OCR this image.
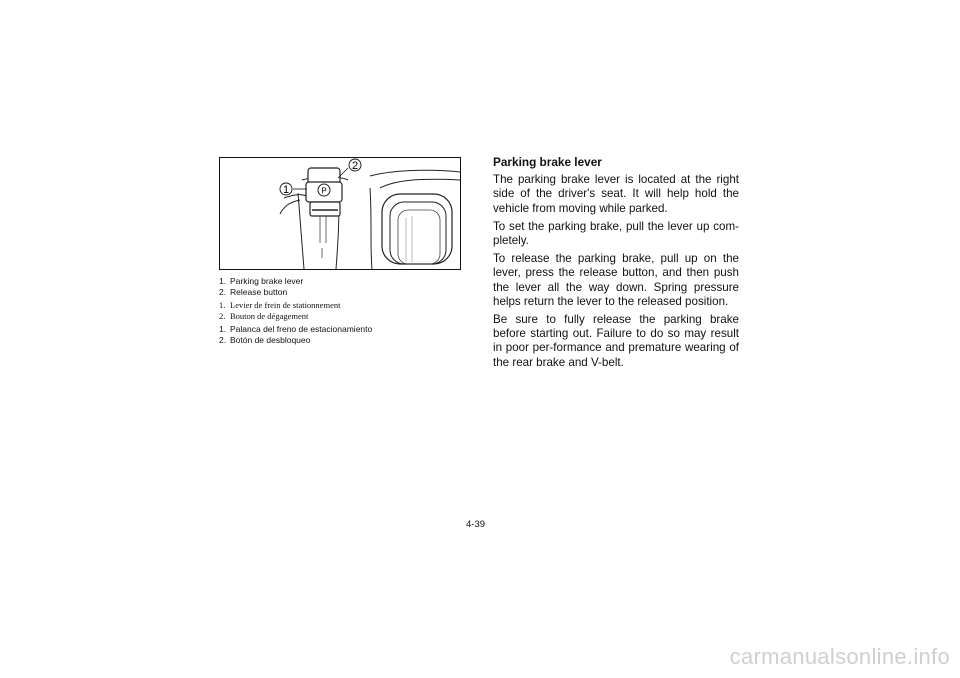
P
1
2
1. Parking brake lever
2. Release button
1. Levier de frein de stationnement
2. Bouton de dégagement
1. Palanca del freno de estacionamiento
2. Botón de desbloqueo

Parking brake lever

The parking brake lever is located at the right side of the driver's seat. It will help hold the vehicle from moving while parked.

To set the parking brake, pull the lever up com-pletely.

To release the parking brake, pull up on the lever, press the release button, and then push the lever all the way down. Spring pressure helps return the lever to the released position.

Be sure to fully release the parking brake before starting out. Failure to do so may result in poor per-formance and premature wearing of the rear brake and V-belt.

4-39
carmanualsonline.info
